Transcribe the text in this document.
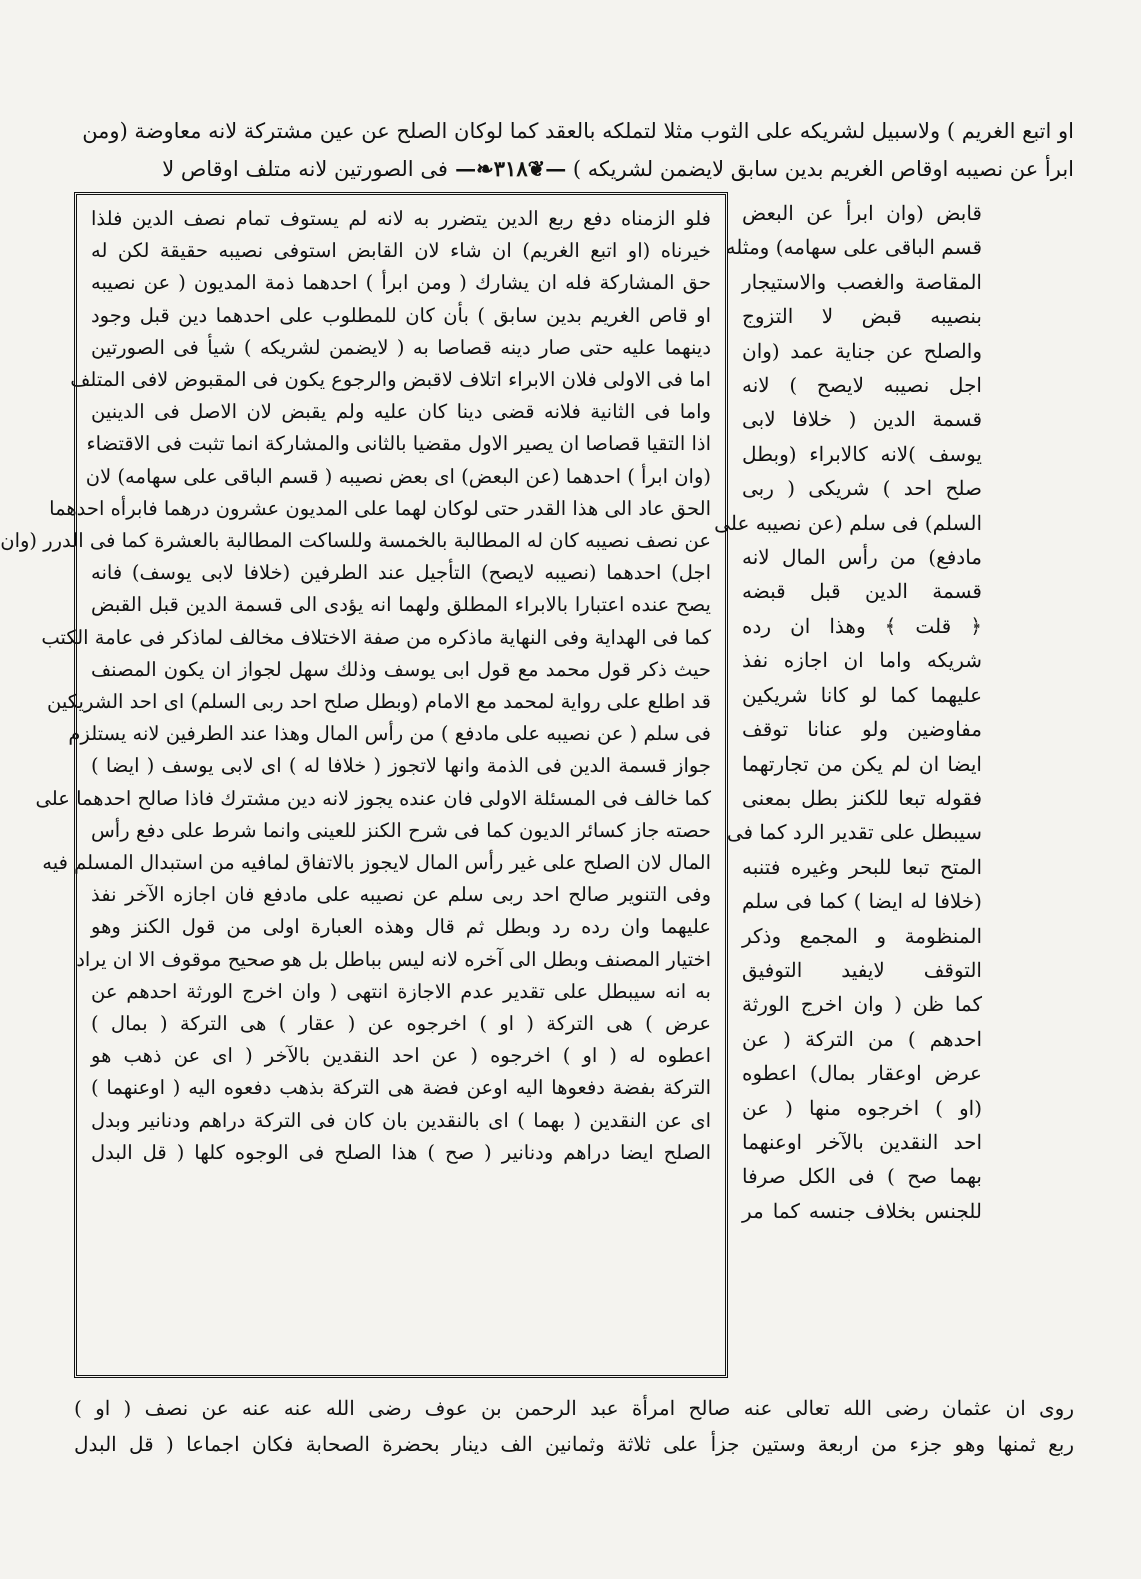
او اتبع الغريم ) ولاسبيل لشريكه على الثوب مثلا لتملكه بالعقد كما لوكان الصلح عن عين مشتركة لانه معاوضة (ومن
ابرأ عن نصيبه اوقاص الغريم بدين سابق لايضمن لشريكه ) —❦٣١٨❧— فى الصورتين لانه متلف اوقاص لا
فلو الزمناه دفع ربع الدين يتضرر به لانه لم يستوف تمام نصف الدين فلذا
خيرناه (او اتبع الغريم) ان شاء لان القابض استوفى نصيبه حقيقة لكن له
حق المشاركة فله ان يشارك ( ومن ابرأ ) احدهما ذمة المديون ( عن نصيبه
او قاص الغريم بدين سابق ) بأن كان للمطلوب على احدهما دين قبل وجود
دينهما عليه حتى صار دينه قصاصا به ( لايضمن لشريكه ) شيأ فى الصورتين
اما فى الاولى فلان الابراء اتلاف لاقبض والرجوع يكون فى المقبوض لافى المتلف
واما فى الثانية فلانه قضى دينا كان عليه ولم يقبض لان الاصل فى الدينين
اذا التقيا قصاصا ان يصير الاول مقضيا بالثانى والمشاركة انما تثبت فى الاقتضاء
(وان ابرأ ) احدهما (عن البعض) اى بعض نصيبه ( قسم الباقى على سهامه) لان
الحق عاد الى هذا القدر حتى لوكان لهما على المديون عشرون درهما فابرأه احدهما
عن نصف نصيبه كان له المطالبة بالخمسة وللساكت المطالبة بالعشرة كما فى الدرر (وان
اجل) احدهما (نصيبه لايصح) التأجيل عند الطرفين (خلافا لابى يوسف) فانه
يصح عنده اعتبارا بالابراء المطلق ولهما انه يؤدى الى قسمة الدين قبل القبض
كما فى الهداية وفى النهاية ماذكره من صفة الاختلاف مخالف لماذكر فى عامة الكتب
حيث ذكر قول محمد مع قول ابى يوسف وذلك سهل لجواز ان يكون المصنف
قد اطلع على رواية لمحمد مع الامام (وبطل صلح احد ربى السلم) اى احد الشريكين
فى سلم ( عن نصيبه على مادفع ) من رأس المال وهذا عند الطرفين لانه يستلزم
جواز قسمة الدين فى الذمة وانها لاتجوز ( خلافا له ) اى لابى يوسف ( ايضا )
كما خالف فى المسئلة الاولى فان عنده يجوز لانه دين مشترك فاذا صالح احدهما على
حصته جاز كسائر الديون كما فى شرح الكنز للعينى وانما شرط على دفع رأس
المال لان الصلح على غير رأس المال لايجوز بالاتفاق لمافيه من استبدال المسلم فيه
وفى التنوير صالح احد ربى سلم عن نصيبه على مادفع فان اجازه الآخر نفذ
عليهما وان رده رد وبطل ثم قال وهذه العبارة اولى من قول الكنز وهو
اختيار المصنف وبطل الى آخره لانه ليس بباطل بل هو صحيح موقوف الا ان يراد
به انه سيبطل على تقدير عدم الاجازة انتهى ( وان اخرج الورثة احدهم عن
عرض ) هى التركة ( او ) اخرجوه عن ( عقار ) هى التركة ( بمال )
اعطوه له ( او ) اخرجوه ( عن احد النقدين بالآخر ( اى عن ذهب هو
التركة بفضة دفعوها اليه اوعن فضة هى التركة بذهب دفعوه اليه ( اوعنهما )
اى عن النقدين ( بهما ) اى بالنقدين بان كان فى التركة دراهم ودنانير وبدل
الصلح ايضا دراهم ودنانير ( صح ) هذا الصلح فى الوجوه كلها ( قل البدل
قابض (وان ابرأ عن البعض
قسم الباقى على سهامه) ومثله
المقاصة والغصب والاستيجار
بنصيبه قبض لا التزوج
والصلح عن جناية عمد (وان
اجل نصيبه لايصح ) لانه
قسمة الدين ( خلافا لابى
يوسف )لانه كالابراء (وبطل
صلح احد ) شريكى ( ربى
السلم) فى سلم (عن نصيبه على
مادفع) من رأس المال لانه
قسمة الدين قبل قبضه
﴿ قلت ﴾ وهذا ان رده
شريكه واما ان اجازه نفذ
عليهما كما لو كانا شريكين
مفاوضين ولو عنانا توقف
ايضا ان لم يكن من تجارتهما
فقوله تبعا للكنز بطل بمعنى
سيبطل على تقدير الرد كما فى
المتح تبعا للبحر وغيره فتنبه
(خلافا له ايضا ) كما فى سلم
المنظومة و المجمع وذكر
التوقف لايفيد التوفيق
كما ظن ( وان اخرج الورثة
احدهم ) من التركة ( عن
عرض اوعقار بمال) اعطوه
(او ) اخرجوه منها ( عن
احد النقدين بالآخر اوعنهما
بهما صح ) فى الكل صرفا
للجنس بخلاف جنسه كما مر
روى ان عثمان رضى الله تعالى عنه صالح امرأة عبد الرحمن بن عوف رضى الله عنه عنه عن نصف ( او )
ربع ثمنها وهو جزء من اربعة وستين جزأ على ثلاثة وثمانين الف دينار بحضرة الصحابة فكان اجماعا ( قل البدل
